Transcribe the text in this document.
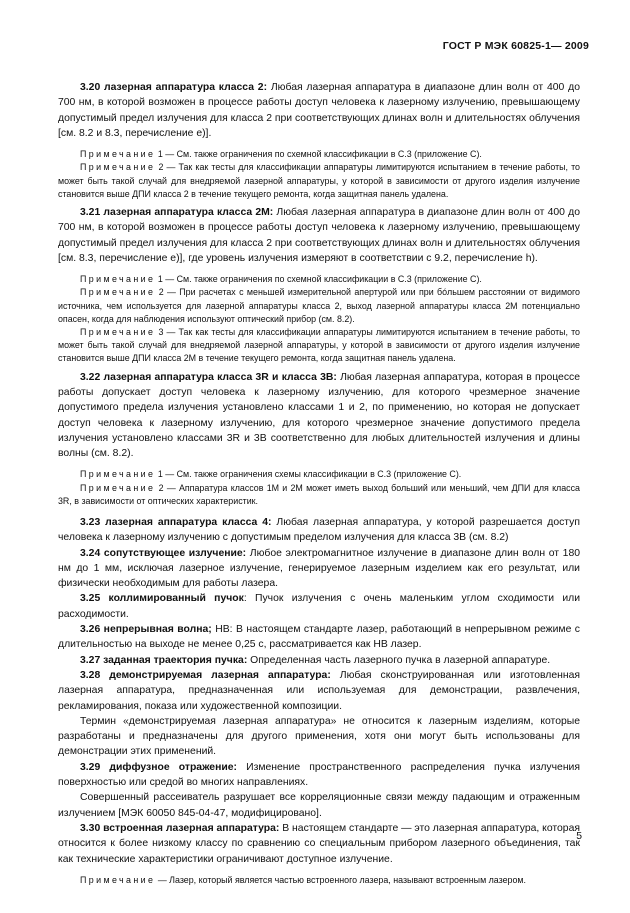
ГОСТ Р МЭК 60825-1— 2009

3.20 лазерная аппаратура класса 2: Любая лазерная аппаратура в диапазоне длин волн от 400 до 700 нм, в которой возможен в процессе работы доступ человека к лазерному излучению, превышающему допустимый предел излучения для класса 2 при соответствующих длинах волн и длительностях облучения [см. 8.2 и 8.3, перечисление e)].

Примечание 1 — См. также ограничения по схемной классификации в С.3 (приложение С).

Примечание 2 — Так как тесты для классификации аппаратуры лимитируются испытанием в течение работы, то может быть такой случай для внедряемой лазерной аппаратуры, у которой в зависимости от другого изделия излучение становится выше ДПИ класса 2 в течение текущего ремонта, когда защитная панель удалена.

3.21 лазерная аппаратура класса 2М: Любая лазерная аппаратура в диапазоне длин волн от 400 до 700 нм, в которой возможен в процессе работы доступ человека к лазерному излучению, превышающему допустимый предел излучения для класса 2 при соответствующих длинах волн и длительностях облучения [см. 8.3, перечисление e)], где уровень излучения измеряют в соответствии с 9.2, перечисление h).

Примечание 1 — См. также ограничения по схемной классификации в С.3 (приложение С).

Примечание 2 — При расчетах с меньшей измерительной апертурой или при бóльшем расстоянии от видимого источника, чем используется для лазерной аппаратуры класса 2, выход лазерной аппаратуры класса 2М потенциально опасен, когда для наблюдения используют оптический прибор (см. 8.2).

Примечание 3 — Так как тесты для классификации аппаратуры лимитируются испытанием в течение работы, то может быть такой случай для внедряемой лазерной аппаратуры, у которой в зависимости от другого изделия излучение становится выше ДПИ класса 2М в течение текущего ремонта, когда защитная панель удалена.

3.22 лазерная аппаратура класса 3R и класса 3В: Любая лазерная аппаратура, которая в процессе работы допускает доступ человека к лазерному излучению, для которого чрезмерное значение допустимого предела излучения установлено классами 1 и 2, по применению, но которая не допускает доступ человека к лазерному излучению, для которого чрезмерное значение допустимого предела излучения установлено классами 3R и 3В соответственно для любых длительностей излучения и длины волны (см. 8.2).

Примечание 1 — См. также ограничения схемы классификации в С.3 (приложение С).

Примечание 2 — Аппаратура классов 1М и 2М может иметь выход больший или меньший, чем ДПИ для класса 3R, в зависимости от оптических характеристик.

3.23 лазерная аппаратура класса 4: Любая лазерная аппаратура, у которой разрешается доступ человека к лазерному излучению с допустимым пределом излучения для класса 3В (см. 8.2)

3.24 сопутствующее излучение: Любое электромагнитное излучение в диапазоне длин волн от 180 нм до 1 мм, исключая лазерное излучение, генерируемое лазерным изделием как его результат, или физически необходимым для работы лазера.

3.25 коллимированный пучок: Пучок излучения с очень маленьким углом сходимости или расходимости.

3.26 непрерывная волна; НВ: В настоящем стандарте лазер, работающий в непрерывном режиме с длительностью на выходе не менее 0,25 с, рассматривается как НВ лазер.

3.27 заданная траектория пучка: Определенная часть лазерного пучка в лазерной аппаратуре.

3.28 демонстрируемая лазерная аппаратура: Любая сконструированная или изготовленная лазерная аппаратура, предназначенная или используемая для демонстрации, развлечения, рекламирования, показа или художественной композиции.

Термин «демонстрируемая лазерная аппаратура» не относится к лазерным изделиям, которые разработаны и предназначены для другого применения, хотя они могут быть использованы для демонстрации этих применений.

3.29 диффузное отражение: Изменение пространственного распределения пучка излучения поверхностью или средой во многих направлениях.

Совершенный рассеиватель разрушает все корреляционные связи между падающим и отраженным излучением [МЭК 60050 845-04-47, модифицировано].

3.30 встроенная лазерная аппаратура: В настоящем стандарте — это лазерная аппаратура, которая относится к более низкому классу по сравнению со специальным прибором лазерного объединения, так как технические характеристики ограничивают доступное излучение.

Примечание — Лазер, который является частью встроенного лазера, называют встроенным лазером.

5
